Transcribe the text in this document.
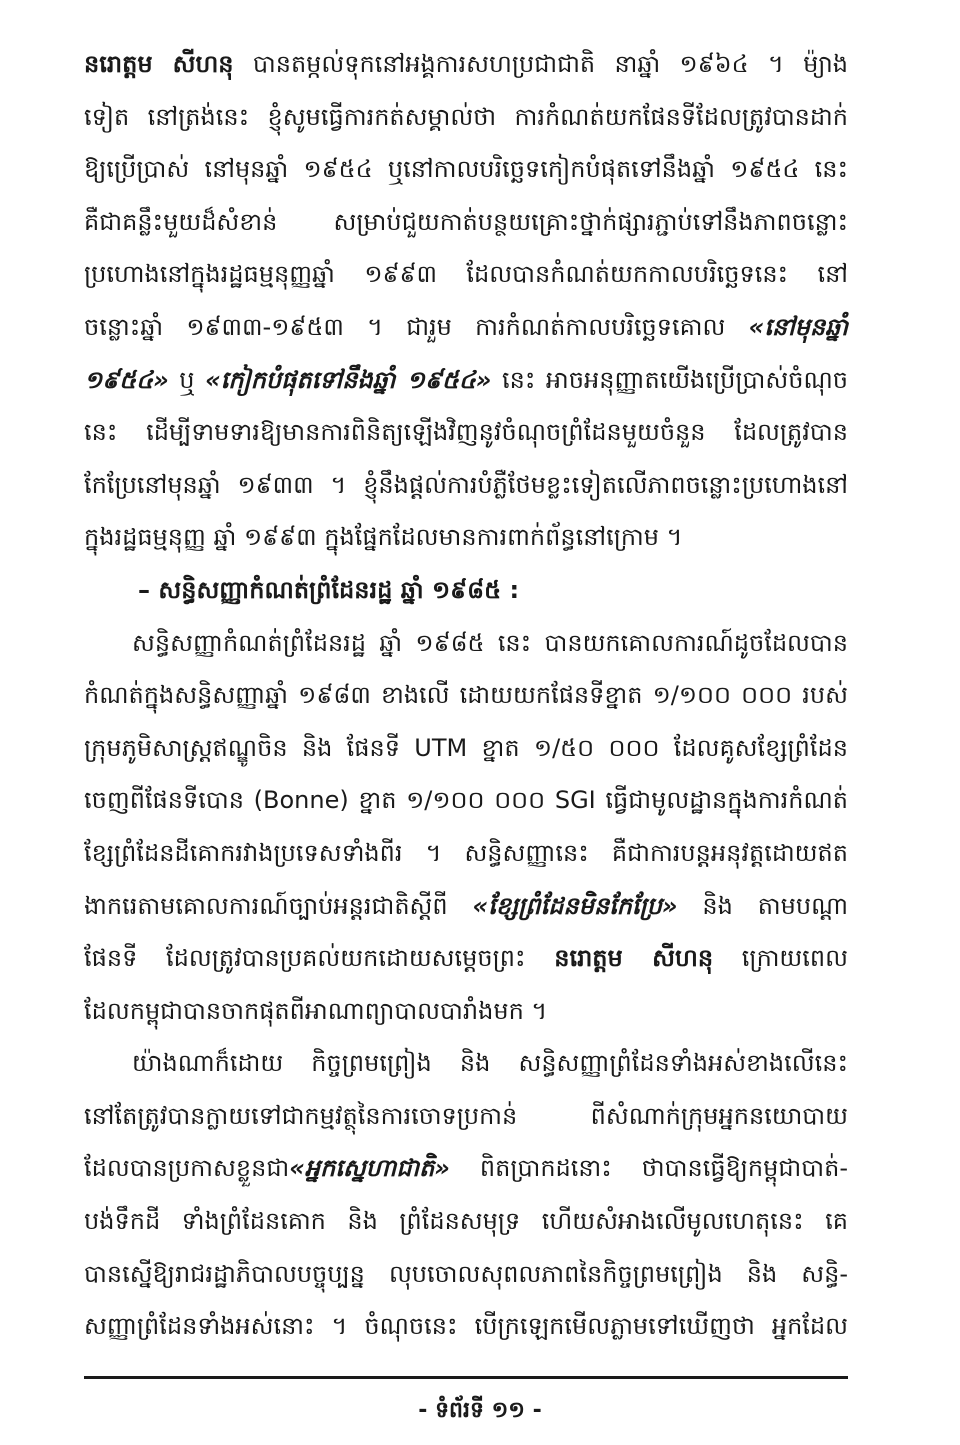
នរោត្តម សីហនុ បានតម្កល់ទុកនៅអង្គការសហប្រជាជាតិ នាឆ្នាំ ១៩៦៤ ។ ម៉្យាង

ទៀត នៅត្រង់នេះ ខ្ញុំសូមធ្វើការកត់សម្គាល់ថា ការកំណត់យកផែនទីដែលត្រូវបានដាក់

ឱ្យប្រើប្រាស់ នៅមុនឆ្នាំ ១៩៥៤ ឬនៅកាលបរិច្ឆេទកៀកបំផុតទៅនឹងឆ្នាំ ១៩៥៤ នេះ

គឺជាគន្លឹះមួយដ៏សំខាន់ សម្រាប់ជួយកាត់បន្ថយគ្រោះថ្នាក់ផ្សារភ្ជាប់ទៅនឹងភាពចន្លោះ

ប្រហោងនៅក្នុងរដ្ឋធម្មនុញ្ញឆ្នាំ ១៩៩៣ ដែលបានកំណត់យកកាលបរិច្ឆេទនេះ នៅ

ចន្លោះឆ្នាំ ១៩៣៣-១៩៥៣ ។ ជារួម ការកំណត់កាលបរិច្ឆេទគោល «នៅមុនឆ្នាំ

១៩៥៤» ឬ «កៀកបំផុតទៅនឹងឆ្នាំ ១៩៥៤» នេះ អាចអនុញ្ញាតយើងប្រើប្រាស់ចំណុច

នេះ ដើម្បីទាមទារឱ្យមានការពិនិត្យឡើងវិញនូវចំណុចព្រំដែនមួយចំនួន ដែលត្រូវបាន

កែប្រែនៅមុនឆ្នាំ ១៩៣៣ ។ ខ្ញុំនឹងផ្តល់ការបំភ្លឺថែមខ្លះទៀតលើភាពចន្លោះប្រហោងនៅ

ក្នុងរដ្ឋធម្មនុញ្ញ ឆ្នាំ ១៩៩៣ ក្នុងផ្នែកដែលមានការពាក់ព័ន្ធនៅក្រោម ។

– សន្ធិសញ្ញាកំណត់ព្រំដែនរដ្ឋ ឆ្នាំ ១៩៨៥ :

សន្ធិសញ្ញាកំណត់ព្រំដែនរដ្ឋ ឆ្នាំ ១៩៨៥ នេះ បានយកគោលការណ៍ដូចដែលបាន

កំណត់ក្នុងសន្ធិសញ្ញាឆ្នាំ ១៩៨៣ ខាងលើ ដោយយកផែនទីខ្នាត ១/១០០ ០០០ របស់

ក្រុមភូមិសាស្ត្រឥណ្ឌូចិន និង ផែនទី UTM ខ្នាត ១/៥០ ០០០ ដែលគូសខ្សែព្រំដែន

ចេញពីផែនទីបោន (Bonne) ខ្នាត ១/១០០ ០០០ SGI ធ្វើជាមូលដ្ឋានក្នុងការកំណត់

ខ្សែព្រំដែនដីគោករវាងប្រទេសទាំងពីរ ។ សន្ធិសញ្ញានេះ គឺជាការបន្តអនុវត្តដោយឥត

ងាករេតាមគោលការណ៍ច្បាប់អន្តរជាតិស្តីពី «ខ្សែព្រំដែនមិនកែប្រែ» និង តាមបណ្តា

ផែនទី ដែលត្រូវបានប្រគល់យកដោយសម្តេចព្រះ នរោត្តម សីហនុ ក្រោយពេល

ដែលកម្ពុជាបានចាកផុតពីអាណាព្យាបាលបារាំងមក ។

យ៉ាងណាក៏ដោយ កិច្ចព្រមព្រៀង និង សន្ធិសញ្ញាព្រំដែនទាំងអស់ខាងលើនេះ

នៅតែត្រូវបានក្លាយទៅជាកម្មវត្ថុនៃការចោទប្រកាន់ ពីសំណាក់ក្រុមអ្នកនយោបាយ

ដែលបានប្រកាសខ្លួនជា«អ្នកស្នេហាជាតិ» ពិតប្រាកដនោះ ថាបានធ្វើឱ្យកម្ពុជាបាត់-

បង់ទឹកដី ទាំងព្រំដែនគោក និង ព្រំដែនសមុទ្រ ហើយសំអាងលើមូលហេតុនេះ គេ

បានស្នើឱ្យរាជរដ្ឋាភិបាលបច្ចុប្បន្ន លុបចោលសុពលភាពនៃកិច្ចព្រមព្រៀង និង សន្ធិ-

សញ្ញាព្រំដែនទាំងអស់នោះ ។ ចំណុចនេះ បើក្រឡេកមើលភ្លាមទៅឃើញថា អ្នកដែល

- ទំព័រទី ១១ -
